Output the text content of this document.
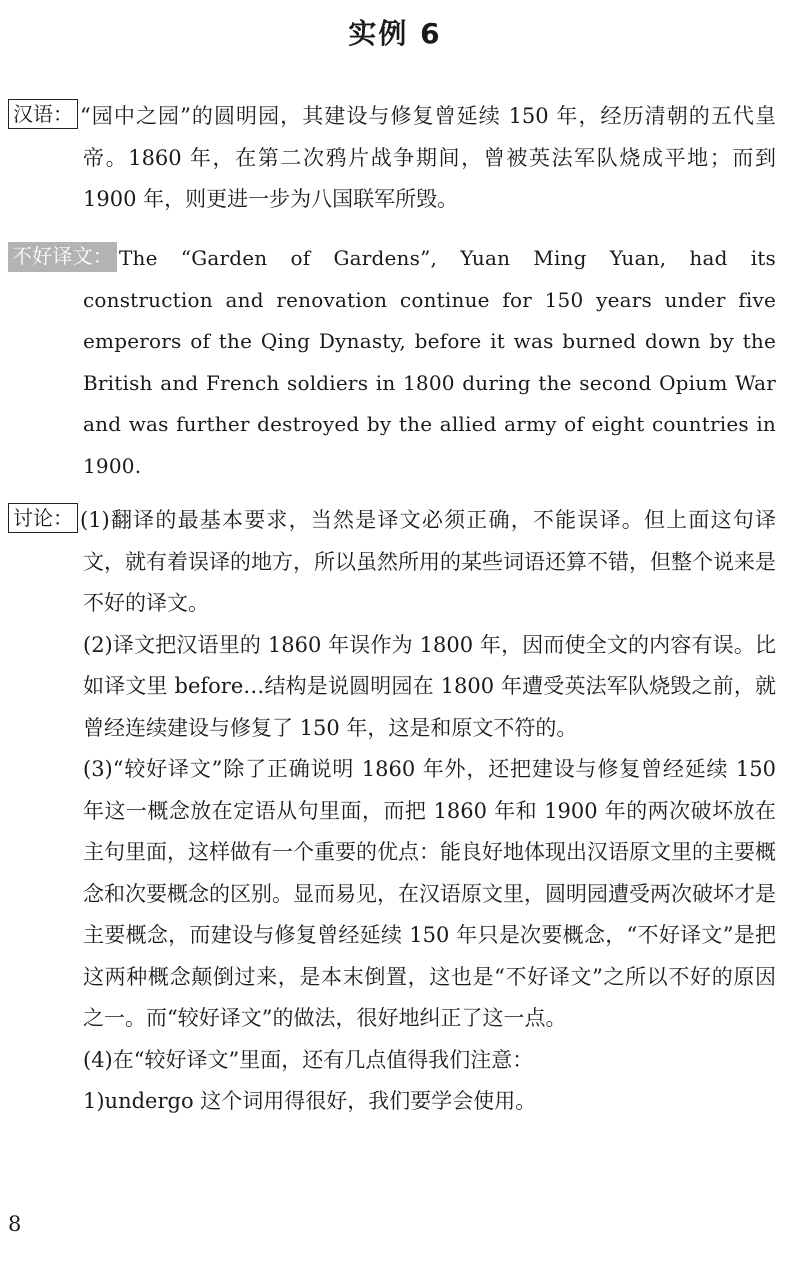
实例 6

汉语： “园中之园”的圆明园，其建设与修复曾延续 150 年，经历清朝的五代皇帝。1860 年，在第二次鸦片战争期间，曾被英法军队烧成平地；而到 1900 年，则更进一步为八国联军所毁。

不好译文： The “Garden of Gardens”, Yuan Ming Yuan, had its construction and renovation continue for 150 years under five emperors of the Qing Dynasty, before it was burned down by the British and French soldiers in 1800 during the second Opium War and was further destroyed by the allied army of eight countries in 1900.

讨论： (1)翻译的最基本要求，当然是译文必须正确，不能误译。但上面这句译文，就有着误译的地方，所以虽然所用的某些词语还算不错，但整个说来是不好的译文。

(2)译文把汉语里的 1860 年误作为 1800 年，因而使全文的内容有误。比如译文里 before…结构是说圆明园在 1800 年遭受英法军队烧毁之前，就曾经连续建设与修复了 150 年，这是和原文不符的。

(3)“较好译文”除了正确说明 1860 年外，还把建设与修复曾经延续 150 年这一概念放在定语从句里面，而把 1860 年和 1900 年的两次破坏放在主句里面，这样做有一个重要的优点：能良好地体现出汉语原文里的主要概念和次要概念的区别。显而易见，在汉语原文里，圆明园遭受两次破坏才是主要概念，而建设与修复曾经延续 150 年只是次要概念，“不好译文”是把这两种概念颠倒过来，是本末倒置，这也是“不好译文”之所以不好的原因之一。而“较好译文”的做法，很好地纠正了这一点。

(4)在“较好译文”里面，还有几点值得我们注意：

1)undergo 这个词用得很好，我们要学会使用。

8
